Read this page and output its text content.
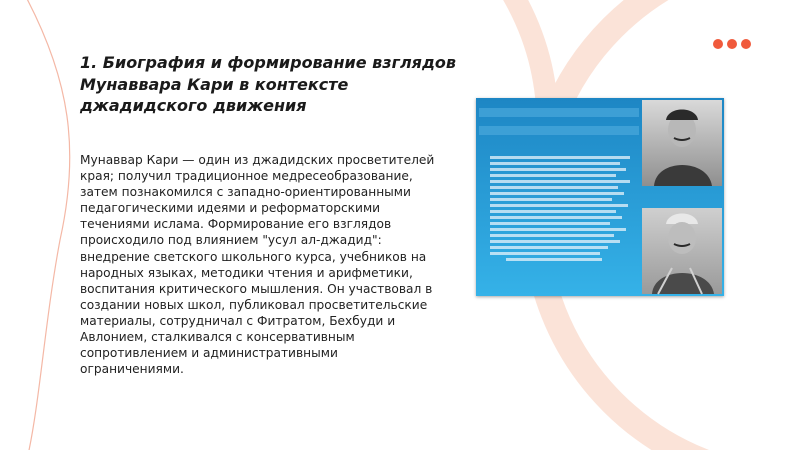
1. Биография и формирование взглядов Мунаввара Кари в контексте джадидского движения

Мунаввар Кари — один из джадидских просветителей края; получил традиционное медресеобразование, затем познакомился с западно-ориентированными педагогическими идеями и реформаторскими течениями ислама. Формирование его взглядов происходило под влиянием "усул ал-джадид": внедрение светского школьного курса, учебников на народных языках, методики чтения и арифметики, воспитания критического мышления. Он участвовал в создании новых школ, публиковал просветительские материалы, сотрудничал с Фитратом, Бехбуди и Авлонием, сталкивался с консервативным сопротивлением и административными ограничениями.
